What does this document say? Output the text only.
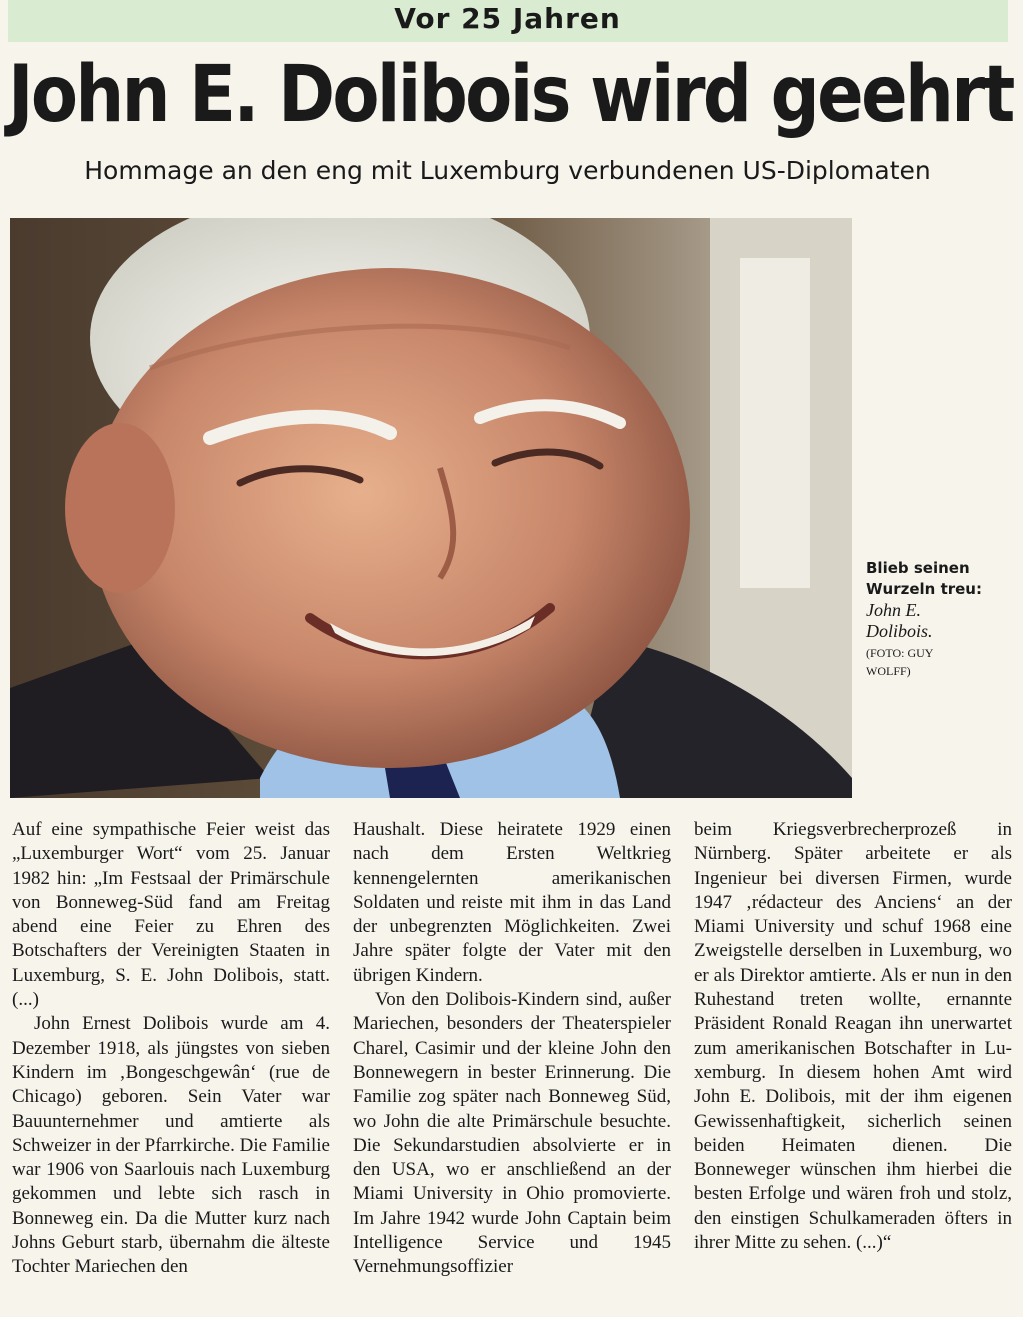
Vor 25 Jahren
John E. Dolibois wird geehrt
Hommage an den eng mit Luxemburg verbundenen US-Diplomaten
Blieb seinen
Wurzeln treu:
John E.
Dolibois.
(FOTO: GUY
WOLFF)

Auf eine sympathische Feier weist das „Luxemburger Wort“ vom 25. Januar 1982 hin: „Im Festsaal der Primärschule von Bonneweg-Süd fand am Freitag abend eine Feier zu Ehren des Botschafters der Vereinigten Staaten in Luxemburg, S. E. John Dolibois, statt. (...)

John Ernest Dolibois wurde am 4. Dezember 1918, als jüngstes von sieben Kindern im ‚Bongeschgewân‘ (rue de Chicago) geboren. Sein Vater war Bauunternehmer und amtierte als Schweizer in der Pfarrkirche. Die Familie war 1906 von Saarlouis nach Luxemburg gekommen und lebte sich rasch in Bonneweg ein. Da die Mutter kurz nach Johns Geburt starb, übernahm die älteste Tochter Mariechen den

Haushalt. Diese heiratete 1929 einen nach dem Ersten Weltkrieg kennengelernten amerikanischen Soldaten und reiste mit ihm in das Land der unbegrenzten Möglichkeiten. Zwei Jahre später folgte der Vater mit den übrigen Kindern.

Von den Dolibois-Kindern sind, außer Mariechen, besonders der Theaterspieler Charel, Casimir und der kleine John den Bonnewegern in bester Erinnerung. Die Familie zog später nach Bonneweg Süd, wo John die alte Primärschule besuchte. Die Sekundarstudien absolvierte er in den USA, wo er anschließend an der Miami University in Ohio promovierte. Im Jahre 1942 wurde John Captain beim Intelligence Service und 1945 Vernehmungsoffizier

beim Kriegsverbrecherprozeß in Nürnberg. Später arbeitete er als Ingenieur bei diversen Firmen, wurde 1947 ‚rédacteur des Anciens‘ an der Miami University und schuf 1968 eine Zweigstelle derselben in Luxemburg, wo er als Direktor amtierte. Als er nun in den Ruhestand treten wollte, ernannte Präsident Ronald Reagan ihn unerwartet zum amerikanischen Botschafter in Luxemburg. In diesem hohen Amt wird John E. Dolibois, mit der ihm eigenen Gewissenhaftigkeit, sicherlich seinen beiden Heimaten dienen. Die Bonneweger wünschen ihm hierbei die besten Erfolge und wären froh und stolz, den einstigen Schulkameraden öfters in ihrer Mitte zu sehen. (...)“
